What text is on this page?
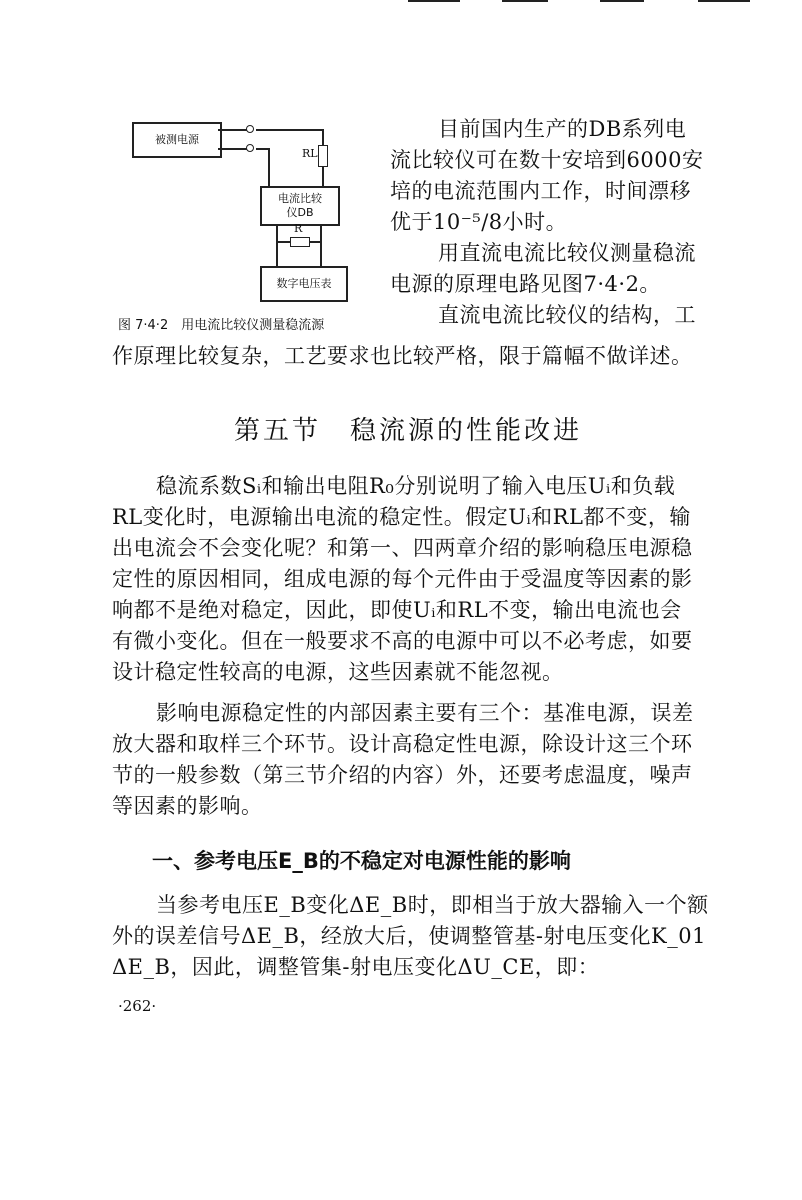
被测电源
RL
电流比较
仪DB
R
数字电压表
图 7·4·2　用电流比较仪测量稳流源
目前国内生产的DB系列电
流比较仪可在数十安培到6000安
培的电流范围内工作，时间漂移
优于10⁻⁵/8小时。
用直流电流比较仪测量稳流
电源的原理电路见图7·4·2。
直流电流比较仪的结构，工
作原理比较复杂，工艺要求也比较严格，限于篇幅不做详述。
第五节　稳流源的性能改进
稳流系数Sᵢ和输出电阻R₀分别说明了输入电压Uᵢ和负载
RL变化时，电源输出电流的稳定性。假定Uᵢ和RL都不变，输
出电流会不会变化呢？和第一、四两章介绍的影响稳压电源稳
定性的原因相同，组成电源的每个元件由于受温度等因素的影
响都不是绝对稳定，因此，即使Uᵢ和RL不变，输出电流也会
有微小变化。但在一般要求不高的电源中可以不必考虑，如要
设计稳定性较高的电源，这些因素就不能忽视。
影响电源稳定性的内部因素主要有三个：基准电源，误差
放大器和取样三个环节。设计高稳定性电源，除设计这三个环
节的一般参数（第三节介绍的内容）外，还要考虑温度，噪声
等因素的影响。
一、参考电压E_B的不稳定对电源性能的影响
当参考电压E_B变化ΔE_B时，即相当于放大器输入一个额
外的误差信号ΔE_B，经放大后，使调整管基-射电压变化K_01
ΔE_B，因此，调整管集-射电压变化ΔU_CE，即：
·262·
